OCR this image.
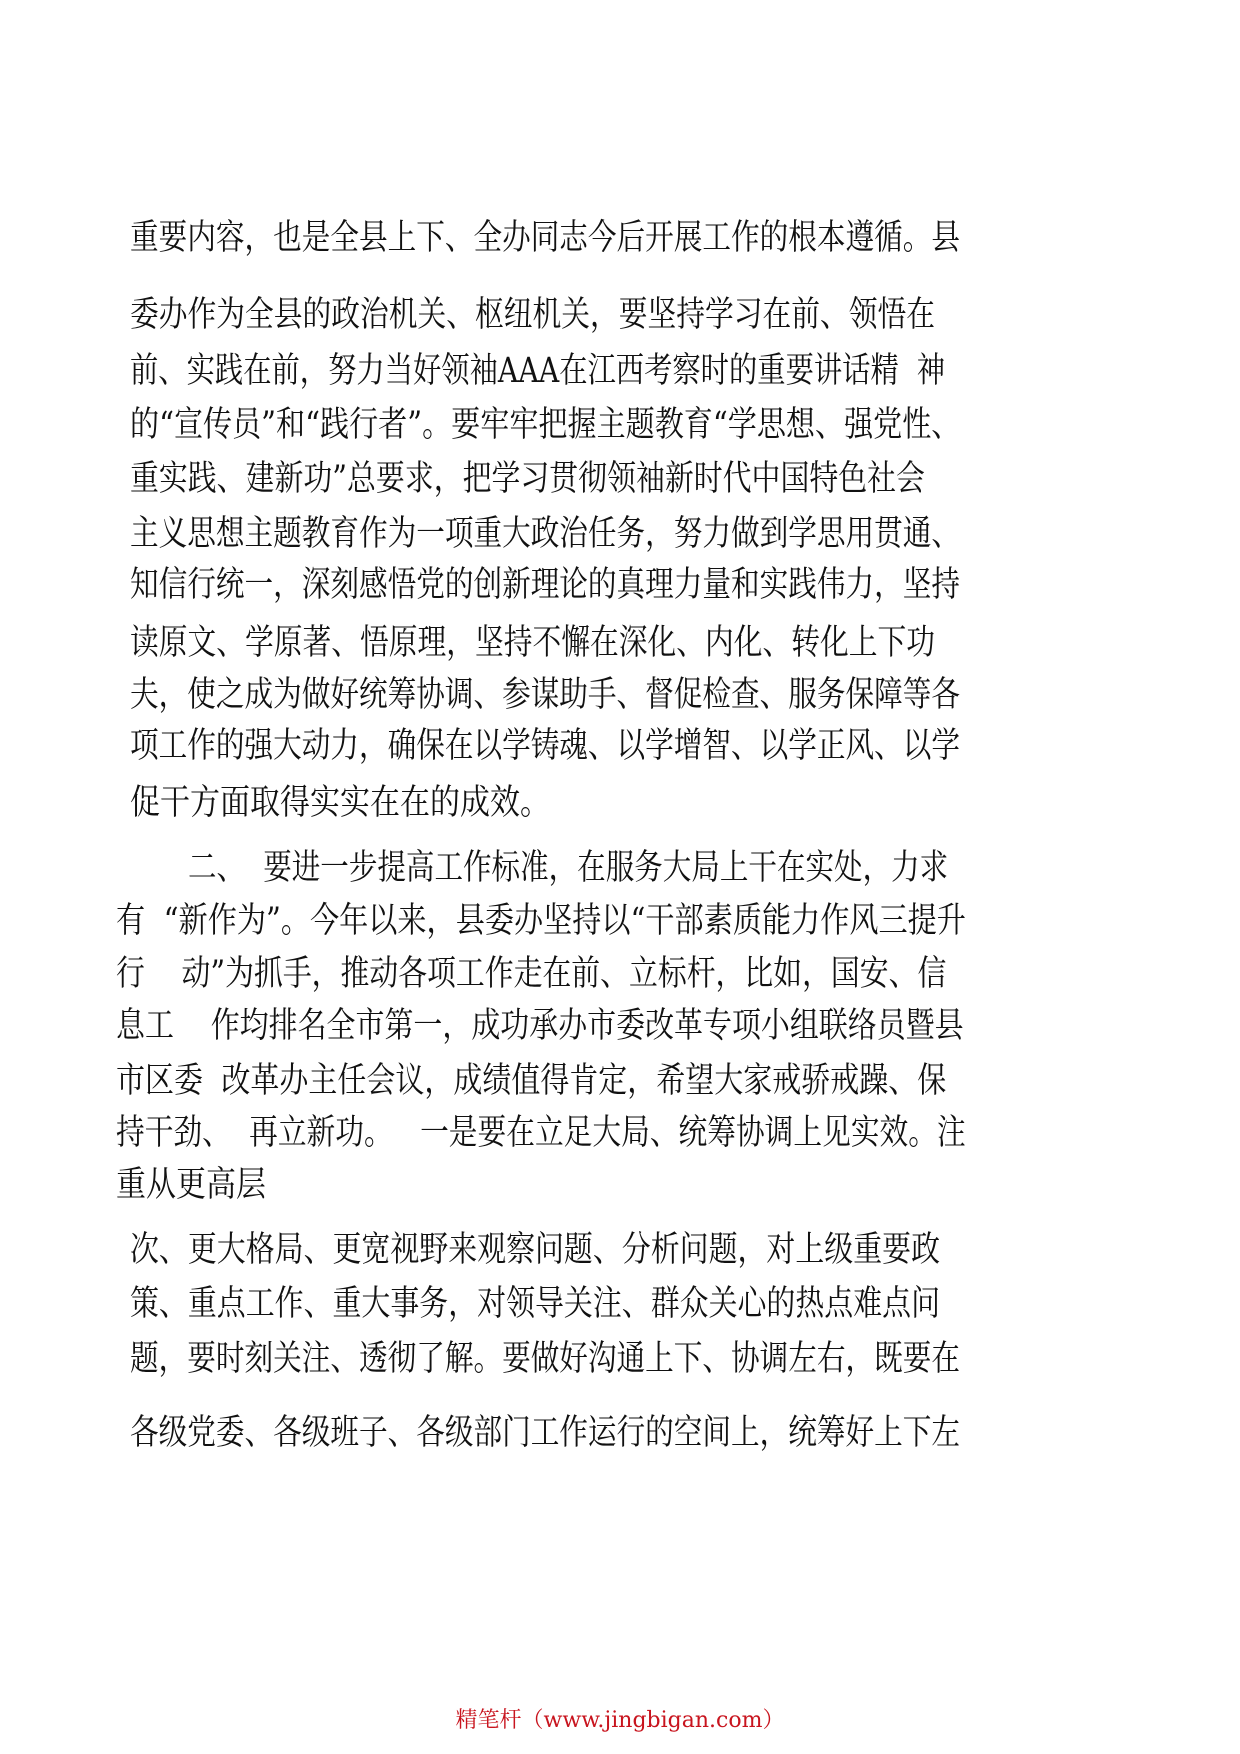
重要内容，也是全县上下、全办同志今后开展工作的根本遵循。县
委办作为全县的政治机关、枢纽机关，要坚持学习在前、领悟在
前、实践在前，努力当好领袖AAA在江西考察时的重要讲话精  神
的“宣传员”和“践行者”。要牢牢把握主题教育“学思想、强党性、
重实践、建新功”总要求，把学习贯彻领袖新时代中国特色社会
主义思想主题教育作为一项重大政治任务，努力做到学思用贯通、
知信行统一，深刻感悟党的创新理论的真理力量和实践伟力，坚持
读原文、学原著、悟原理，坚持不懈在深化、内化、转化上下功
夫，使之成为做好统筹协调、参谋助手、督促检查、服务保障等各
项工作的强大动力，确保在以学铸魂、以学增智、以学正风、以学
促干方面取得实实在在的成效。
二、  要进一步提高工作标准，在服务大局上干在实处，力求
有  “新作为”。今年以来，县委办坚持以“干部素质能力作风三提升
行    动”为抓手，推动各项工作走在前、立标杆，比如，国安、信
息工    作均排名全市第一，成功承办市委改革专项小组联络员暨县
市区委  改革办主任会议，成绩值得肯定，希望大家戒骄戒躁、保
持干劲、  再立新功。   一是要在立足大局、统筹协调上见实效。注
重从更高层
次、更大格局、更宽视野来观察问题、分析问题，对上级重要政
策、重点工作、重大事务，对领导关注、群众关心的热点难点问
题，要时刻关注、透彻了解。要做好沟通上下、协调左右，既要在
各级党委、各级班子、各级部门工作运行的空间上，统筹好上下左
精笔杆（www.jingbigan.com）
